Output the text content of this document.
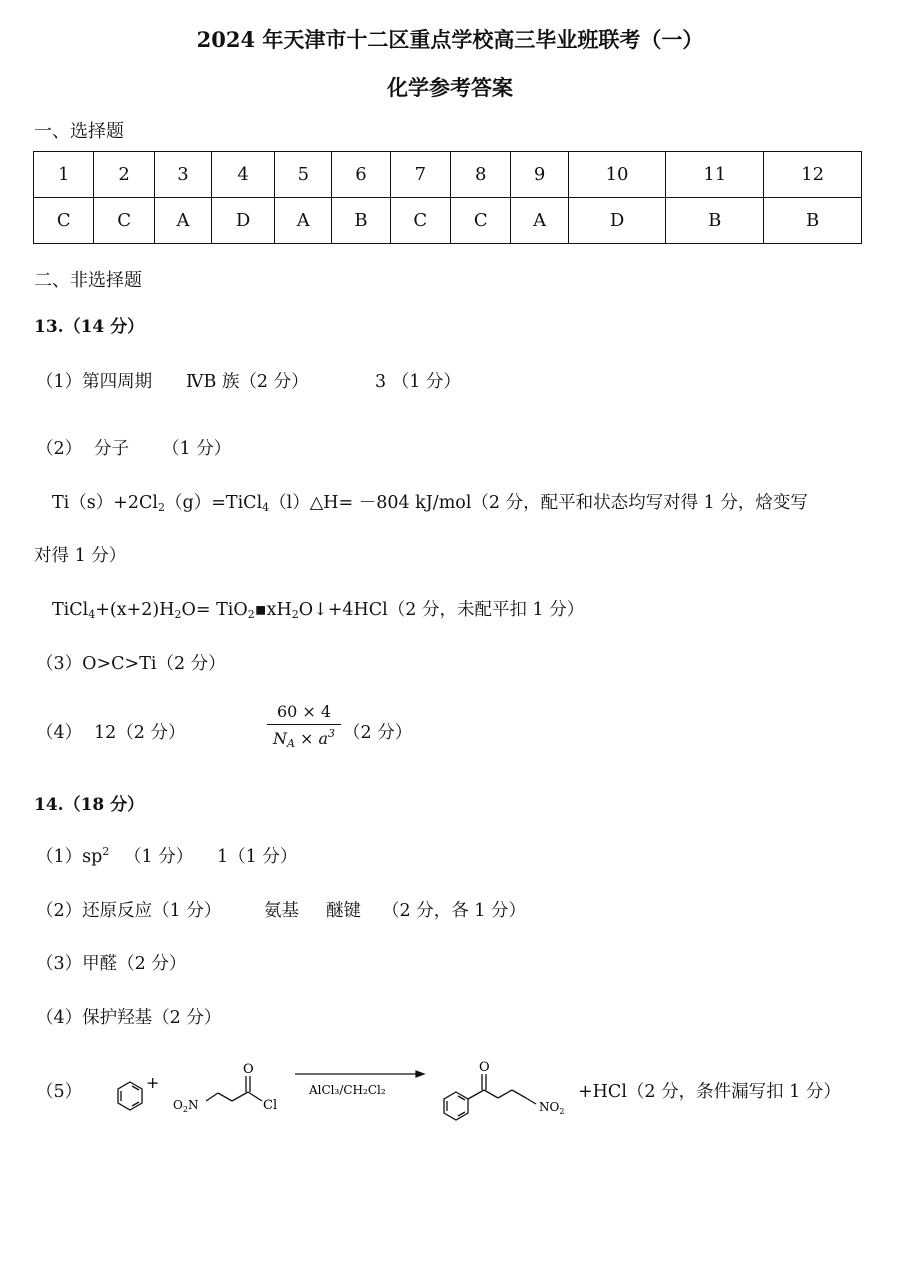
2024 年天津市十二区重点学校高三毕业班联考（一）
化学参考答案
一、选择题
1	2	3	4	5	6	7	8	9	10	11	12
C	C	A	D	A	B	C	C	A	D	B	B
二、非选择题
13.（14 分）
（1）第四周期 ⅣB 族（2 分）	3 （1 分）
（2） 分子 （1 分）
$Ti(s)+2Cl_2(g)=TiCl_4(l)\triangle H= -804$ kJ/mol（2 分，配平和状态均写对得 1 分，焓变写
对得 1 分）
$TiCl_4+(x+2)H_2O=$ $TiO_2▪xH_2O↓+4HCl(2$ 分，未配平扣 1 分）
（3）O>C>Ti（2 分）
（4） 12（2 分）
60 × 4
$N_A \times a^3$ （2 分）
14.（18 分）
$(1)sp^2$ （1 分） 1（1 分）
（2）还原反应（1 分） 氨基 醚键 （2 分，各 1 分）
（3）甲醛（2 分）
（4）保护羟基（2 分）
（5）	+
$O_2N$
O
Cl
AlCl₃/CH₂Cl₂
O
$NO_2$
+HCl（2 分，条件漏写扣 1 分）
